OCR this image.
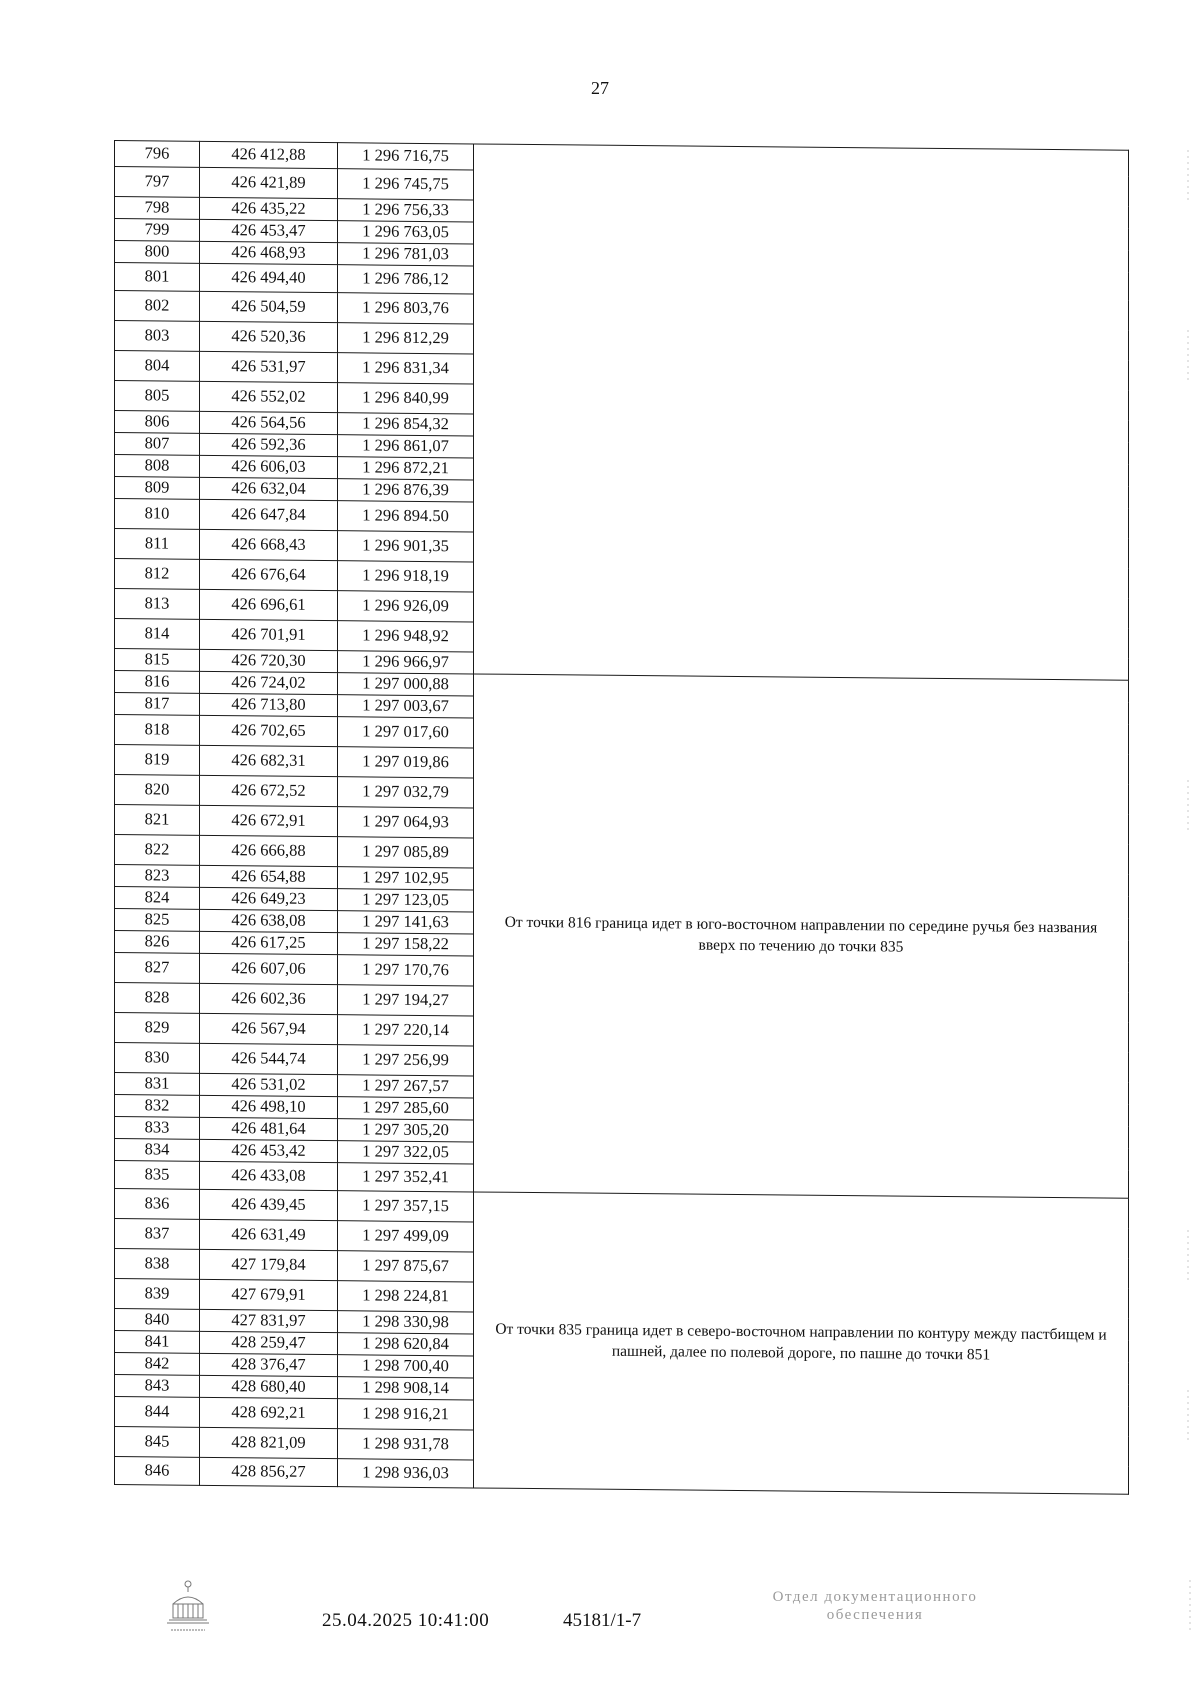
27
796	426 412,88	1 296 716,75	
797	426 421,89	1 296 745,75	
798	426 435,22	1 296 756,33	
799	426 453,47	1 296 763,05	
800	426 468,93	1 296 781,03	
801	426 494,40	1 296 786,12	
802	426 504,59	1 296 803,76	
803	426 520,36	1 296 812,29	
804	426 531,97	1 296 831,34	
805	426 552,02	1 296 840,99	
806	426 564,56	1 296 854,32	
807	426 592,36	1 296 861,07	
808	426 606,03	1 296 872,21	
809	426 632,04	1 296 876,39	
810	426 647,84	1 296 894.50	
811	426 668,43	1 296 901,35	
812	426 676,64	1 296 918,19	
813	426 696,61	1 296 926,09	
814	426 701,91	1 296 948,92	
815	426 720,30	1 296 966,97	
816	426 724,02	1 297 000,88	От точки 816 граница идет в юго-восточном направлении по середине ручья без названия вверх по течению до точки 835
817	426 713,80	1 297 003,67	
818	426 702,65	1 297 017,60	
819	426 682,31	1 297 019,86	
820	426 672,52	1 297 032,79	
821	426 672,91	1 297 064,93	
822	426 666,88	1 297 085,89	
823	426 654,88	1 297 102,95	
824	426 649,23	1 297 123,05	
825	426 638,08	1 297 141,63	
826	426 617,25	1 297 158,22	
827	426 607,06	1 297 170,76	
828	426 602,36	1 297 194,27	
829	426 567,94	1 297 220,14	
830	426 544,74	1 297 256,99	
831	426 531,02	1 297 267,57	
832	426 498,10	1 297 285,60	
833	426 481,64	1 297 305,20	
834	426 453,42	1 297 322,05	
835	426 433,08	1 297 352,41	
836	426 439,45	1 297 357,15	От точки 835 граница идет в северо-восточном направлении по контуру между пастбищем и пашней, далее по полевой дороге, по пашне до точки 851
837	426 631,49	1 297 499,09	
838	427 179,84	1 297 875,67	
839	427 679,91	1 298 224,81	
840	427 831,97	1 298 330,98	
841	428 259,47	1 298 620,84	
842	428 376,47	1 298 700,40	
843	428 680,40	1 298 908,14	
844	428 692,21	1 298 916,21	
845	428 821,09	1 298 931,78	
846	428 856,27	1 298 936,03	
25.04.2025 10:41:00	45181/1-7
Отдел документационного
обеспечения
